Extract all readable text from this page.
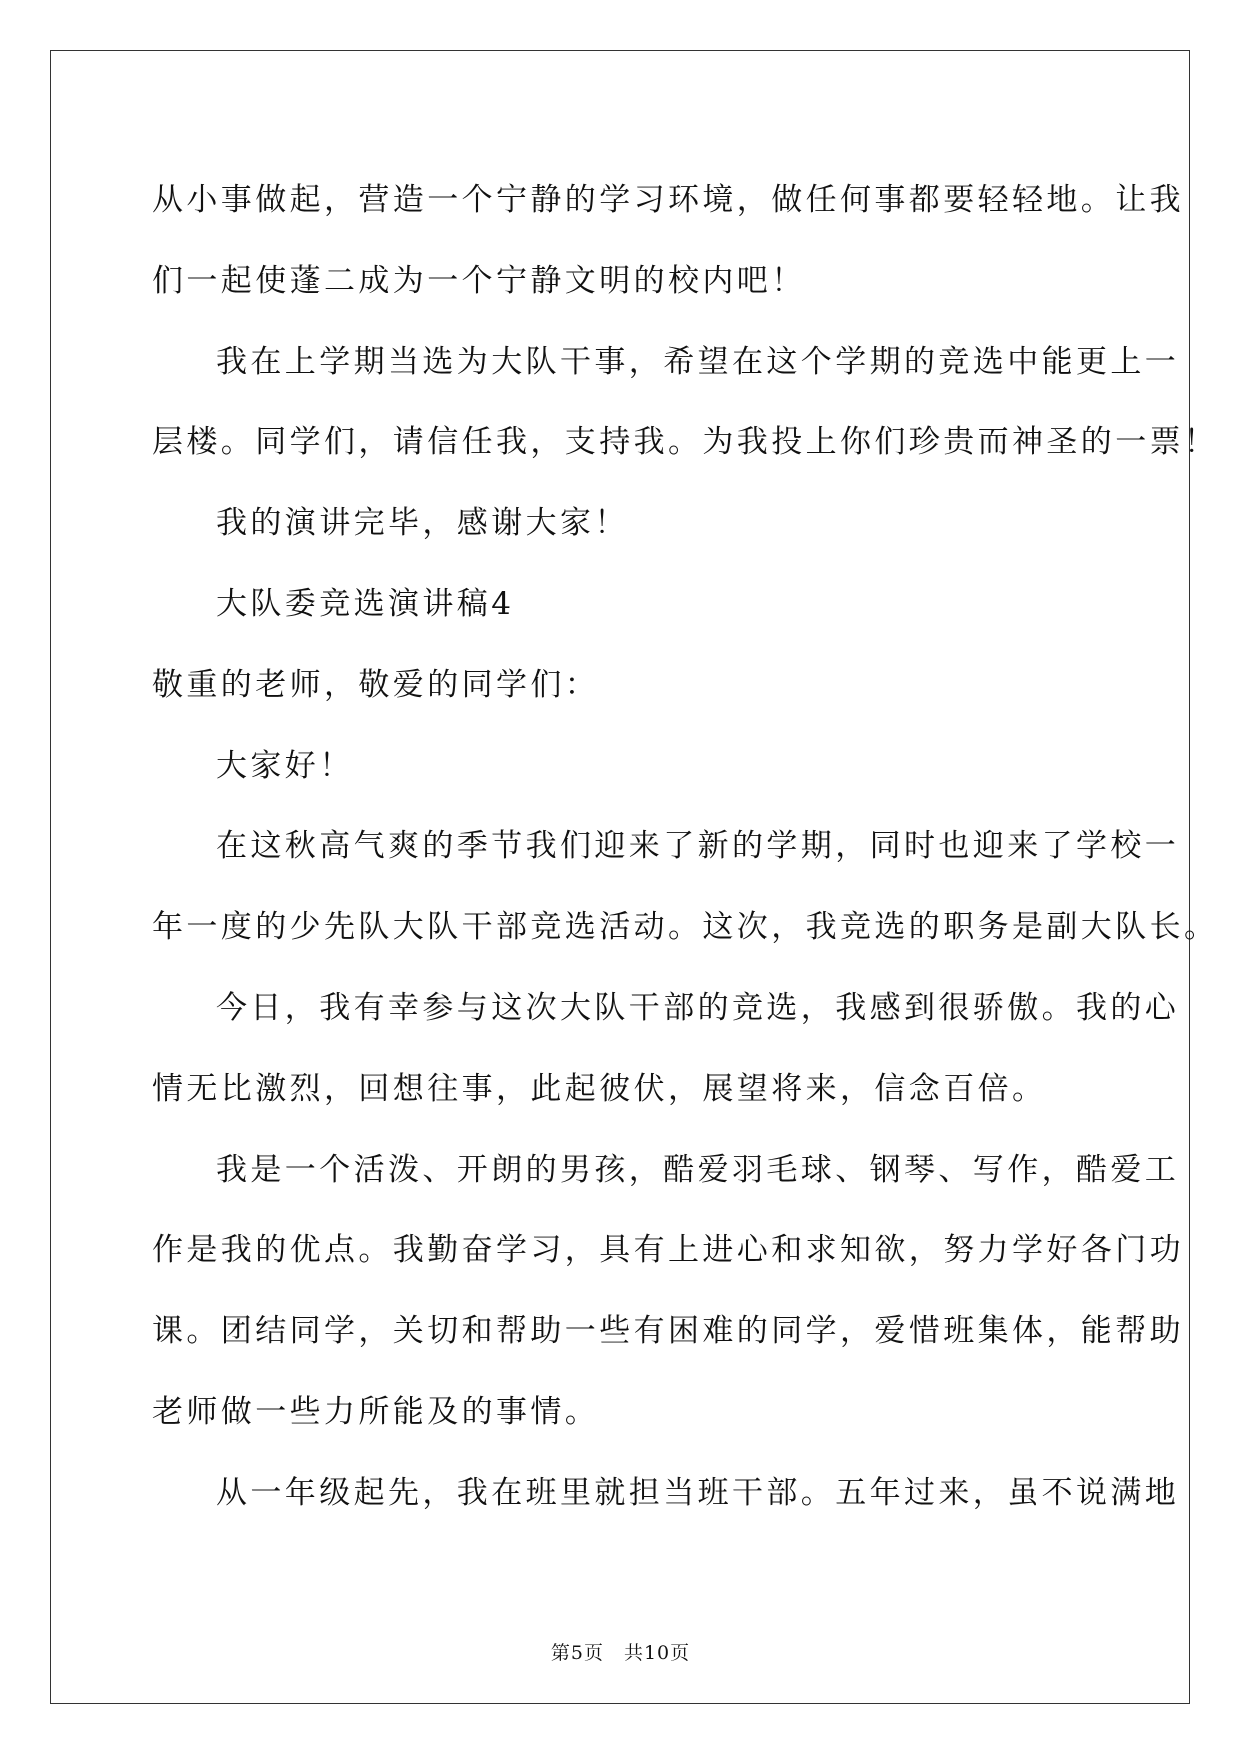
从小事做起，营造一个宁静的学习环境，做任何事都要轻轻地。让我
们一起使蓬二成为一个宁静文明的校内吧！
我在上学期当选为大队干事，希望在这个学期的竞选中能更上一
层楼。同学们，请信任我，支持我。为我投上你们珍贵而神圣的一票！
我的演讲完毕，感谢大家！
大队委竞选演讲稿4
敬重的老师，敬爱的同学们：
大家好！
在这秋高气爽的季节我们迎来了新的学期，同时也迎来了学校一
年一度的少先队大队干部竞选活动。这次，我竞选的职务是副大队长。
今日，我有幸参与这次大队干部的竞选，我感到很骄傲。我的心
情无比激烈，回想往事，此起彼伏，展望将来，信念百倍。
我是一个活泼、开朗的男孩，酷爱羽毛球、钢琴、写作，酷爱工
作是我的优点。我勤奋学习，具有上进心和求知欲，努力学好各门功
课。团结同学，关切和帮助一些有困难的同学，爱惜班集体，能帮助
老师做一些力所能及的事情。
从一年级起先，我在班里就担当班干部。五年过来，虽不说满地
第5页　共10页
